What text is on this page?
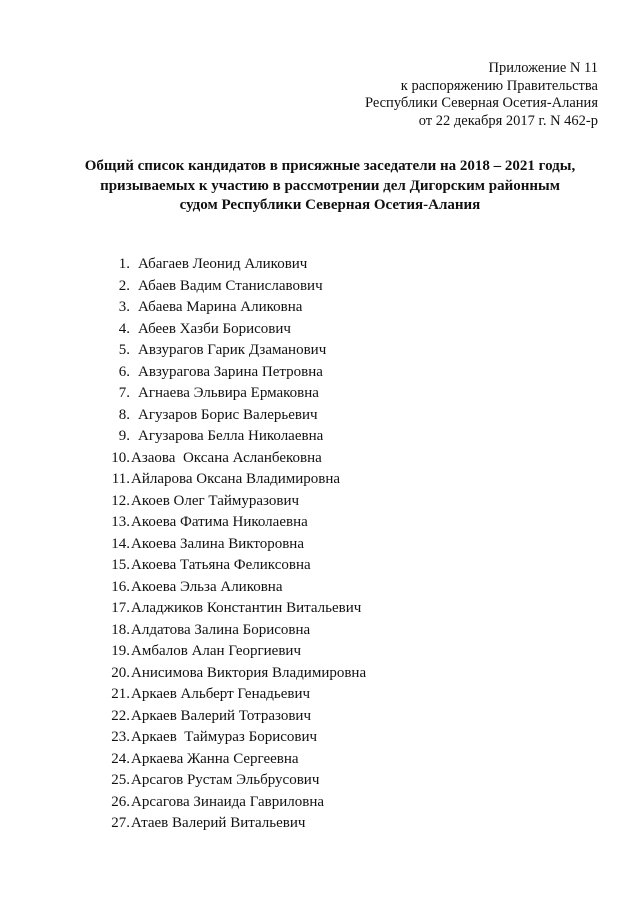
Приложение N 11
к распоряжению Правительства
Республики Северная Осетия-Алания
от 22 декабря 2017 г. N 462-р
Общий список кандидатов в присяжные заседатели на 2018 – 2021 годы,
призываемых к участию в рассмотрении дел Дигорским районным
судом Республики Северная Осетия-Алания
1. Абагаев Леонид Аликович
2. Абаев Вадим Станиславович
3. Абаева Марина Аликовна
4. Абеев Хазби Борисович
5. Авзурагов Гарик Дзаманович
6. Авзурагова Зарина Петровна
7. Агнаева Эльвира Ермаковна
8. Агузаров Борис Валерьевич
9. Агузарова Белла Николаевна
10. Азаова  Оксана Асланбековна
11. Айларова Оксана Владимировна
12. Акоев Олег Таймуразович
13. Акоева Фатима Николаевна
14. Акоева Залина Викторовна
15. Акоева Татьяна Феликсовна
16. Акоева Эльза Аликовна
17. Аладжиков Константин Витальевич
18. Алдатова Залина Борисовна
19. Амбалов Алан Георгиевич
20. Анисимова Виктория Владимировна
21. Аркаев Альберт Генадьевич
22. Аркаев Валерий Тотразович
23. Аркаев  Таймураз Борисович
24. Аркаева Жанна Сергеевна
25. Арсагов Рустам Эльбрусович
26. Арсагова Зинаида Гавриловна
27. Атаев Валерий Витальевич
